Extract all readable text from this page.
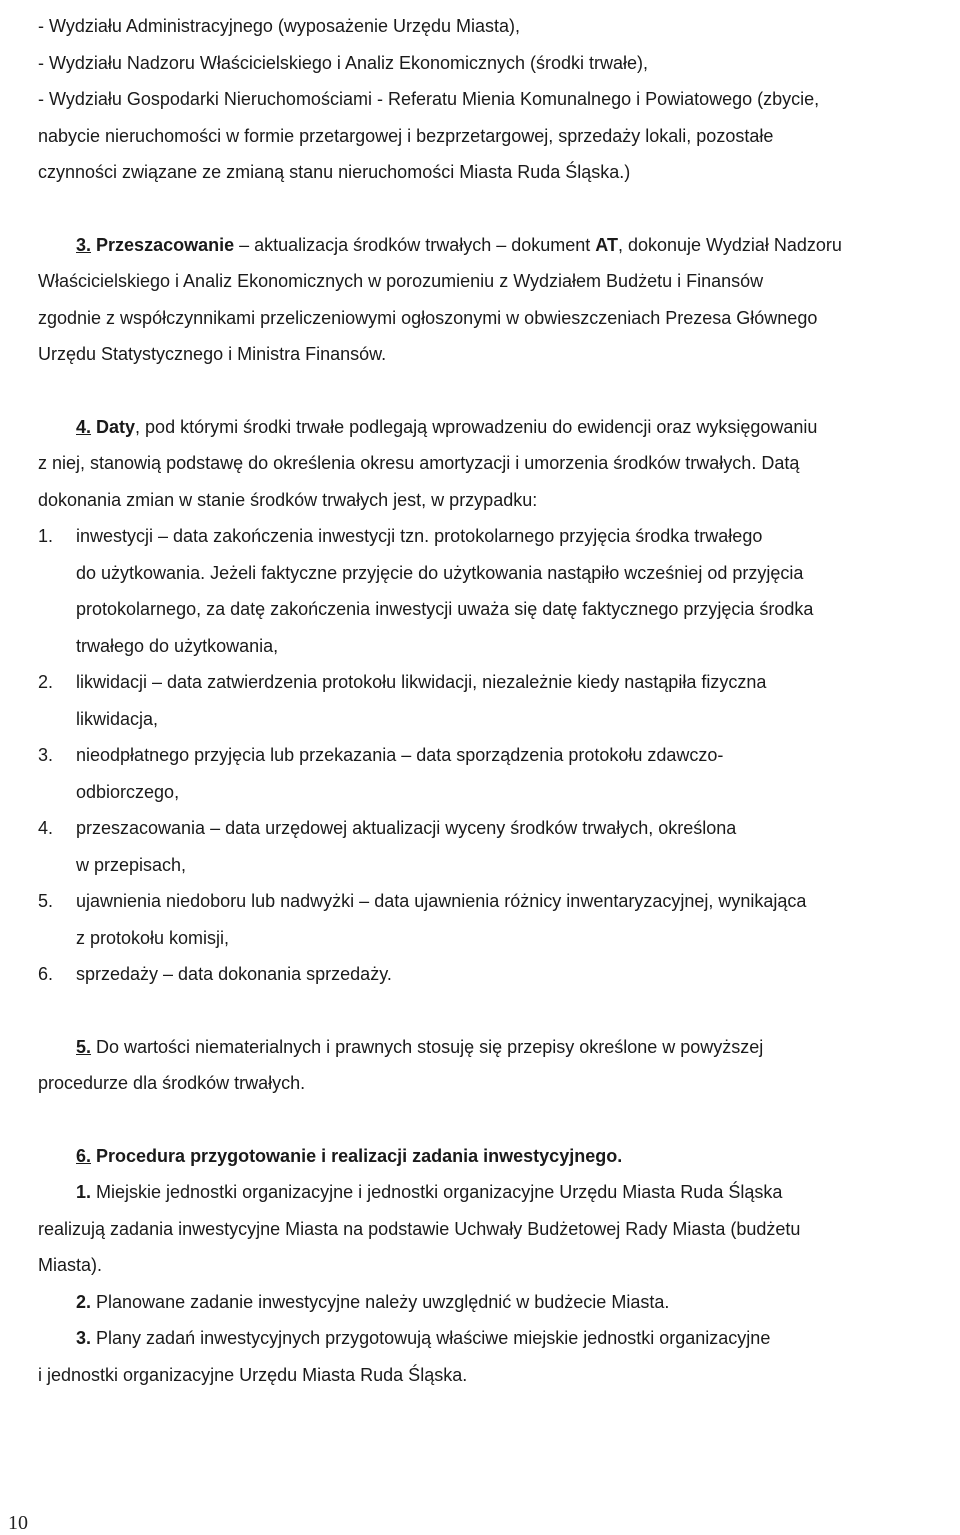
- Wydziału Administracyjnego (wyposażenie Urzędu Miasta),
- Wydziału Nadzoru Właścicielskiego i Analiz Ekonomicznych (środki trwałe),
- Wydziału Gospodarki Nieruchomościami - Referatu Mienia Komunalnego i Powiatowego (zbycie,
nabycie nieruchomości w formie przetargowej i bezprzetargowej, sprzedaży lokali, pozostałe
czynności związane ze zmianą stanu nieruchomości Miasta Ruda Śląska.)
3. Przeszacowanie – aktualizacja środków trwałych – dokument AT, dokonuje Wydział Nadzoru
Właścicielskiego i Analiz Ekonomicznych w porozumieniu z Wydziałem Budżetu i Finansów
zgodnie z współczynnikami przeliczeniowymi ogłoszonymi w obwieszczeniach Prezesa Głównego
Urzędu Statystycznego i Ministra Finansów.
4. Daty, pod którymi środki trwałe podlegają wprowadzeniu do ewidencji oraz wyksięgowaniu
z niej, stanowią podstawę do określenia okresu amortyzacji i umorzenia środków trwałych. Datą
dokonania zmian w stanie środków trwałych jest, w przypadku:
1.	inwestycji – data zakończenia inwestycji tzn. protokolarnego przyjęcia środka trwałego
do użytkowania. Jeżeli faktyczne przyjęcie do użytkowania nastąpiło wcześniej od przyjęcia
protokolarnego, za datę zakończenia inwestycji uważa się datę faktycznego przyjęcia środka
trwałego do użytkowania,
2.	likwidacji – data zatwierdzenia protokołu likwidacji, niezależnie kiedy nastąpiła fizyczna
likwidacja,
3.	nieodpłatnego przyjęcia lub przekazania – data sporządzenia protokołu zdawczo-
odbiorczego,
4.	przeszacowania – data urzędowej aktualizacji wyceny środków trwałych, określona
w przepisach,
5.	ujawnienia niedoboru lub nadwyżki – data ujawnienia różnicy inwentaryzacyjnej, wynikająca
z protokołu komisji,
6.	sprzedaży – data dokonania sprzedaży.
5. Do wartości niematerialnych i prawnych stosuję się przepisy określone w powyższej
procedurze dla środków trwałych.
6. Procedura przygotowanie i realizacji zadania inwestycyjnego.
1. Miejskie jednostki organizacyjne i jednostki organizacyjne Urzędu Miasta Ruda Śląska
realizują zadania inwestycyjne Miasta na podstawie Uchwały Budżetowej Rady Miasta (budżetu
Miasta).
2. Planowane zadanie inwestycyjne należy uwzględnić w budżecie Miasta.
3. Plany zadań inwestycyjnych przygotowują właściwe miejskie jednostki organizacyjne
i jednostki organizacyjne Urzędu Miasta Ruda Śląska.
10
